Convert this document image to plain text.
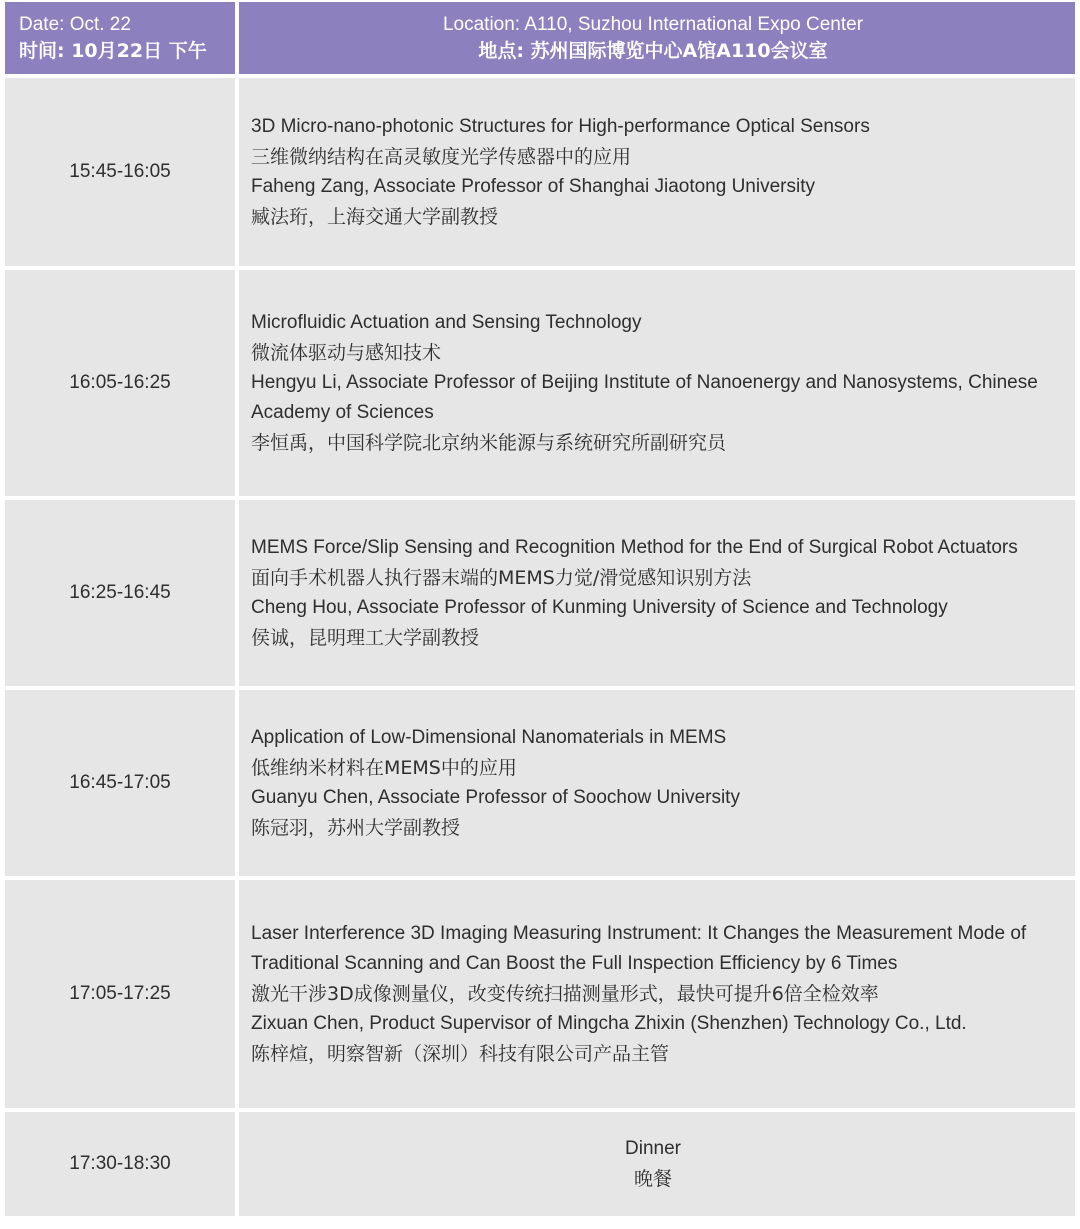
Date: Oct. 22
时间: 10月22日 下午
Location: A110, Suzhou International Expo Center
地点: 苏州国际博览中心A馆A110会议室
15:45-16:05
3D Micro-nano-photonic Structures for High-performance Optical Sensors
三维微纳结构在高灵敏度光学传感器中的应用
Faheng Zang, Associate Professor of Shanghai Jiaotong University
臧法珩，上海交通大学副教授
16:05-16:25
Microfluidic Actuation and Sensing Technology
微流体驱动与感知技术
Hengyu Li, Associate Professor of Beijing Institute of Nanoenergy and Nanosystems, Chinese Academy of Sciences
李恒禹，中国科学院北京纳米能源与系统研究所副研究员
16:25-16:45
MEMS Force/Slip Sensing and Recognition Method for the End of Surgical Robot Actuators
面向手术机器人执行器末端的MEMS力觉/滑觉感知识别方法
Cheng Hou, Associate Professor of Kunming University of Science and Technology
侯诚，昆明理工大学副教授
16:45-17:05
Application of Low-Dimensional Nanomaterials in MEMS
低维纳米材料在MEMS中的应用
Guanyu Chen, Associate Professor of Soochow University
陈冠羽，苏州大学副教授
17:05-17:25
Laser Interference 3D Imaging Measuring Instrument: It Changes the Measurement Mode of Traditional Scanning and Can Boost the Full Inspection Efficiency by 6 Times
激光干涉3D成像测量仪，改变传统扫描测量形式，最快可提升6倍全检效率
Zixuan Chen, Product Supervisor of Mingcha Zhixin (Shenzhen) Technology Co., Ltd.
陈梓煊，明察智新（深圳）科技有限公司产品主管
17:30-18:30
Dinner
晚餐
